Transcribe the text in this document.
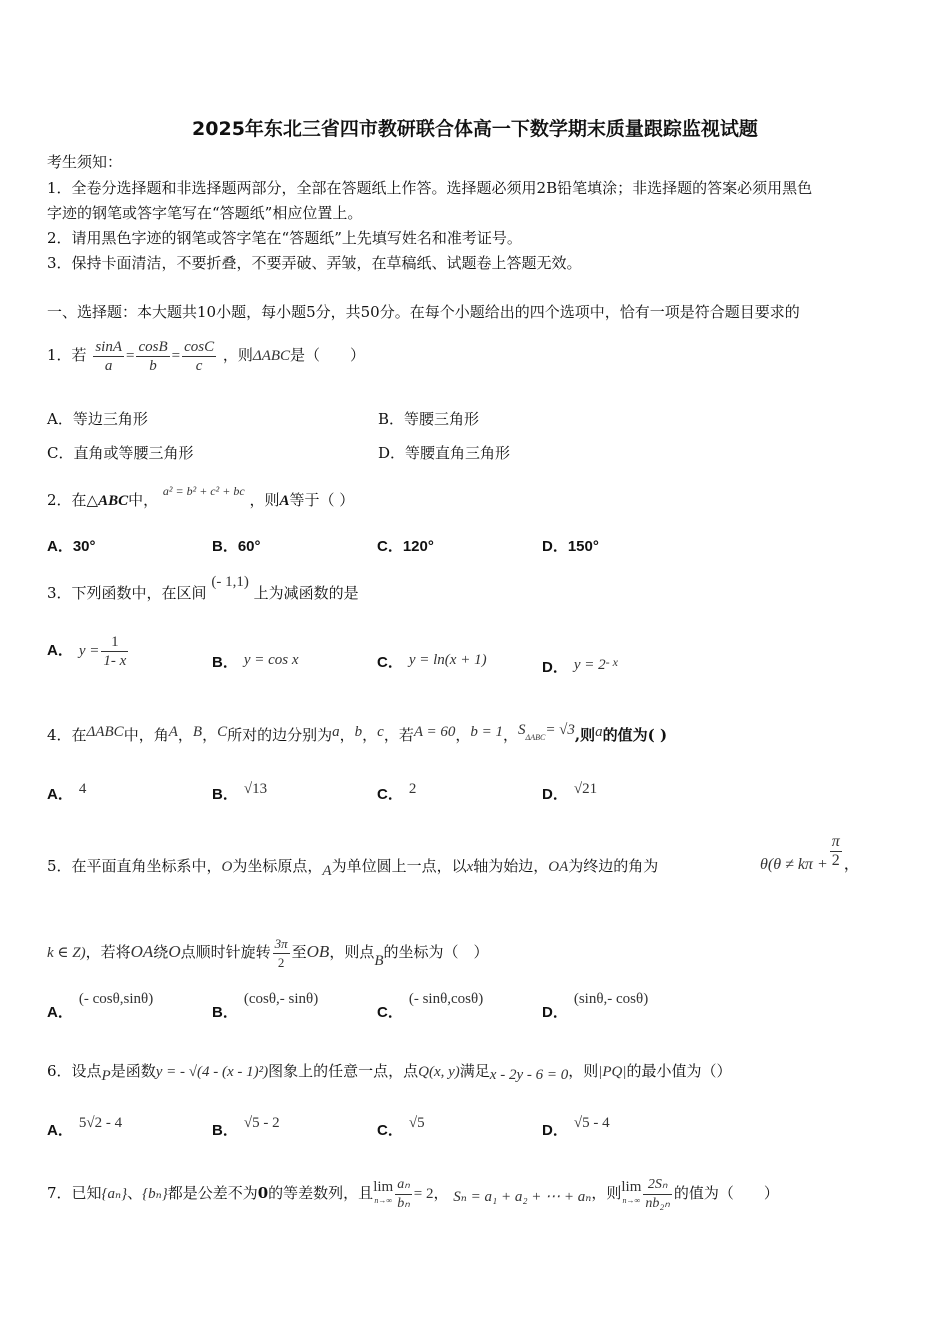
2025年东北三省四市教研联合体高一下数学期末质量跟踪监视试题
考生须知：
1．全卷分选择题和非选择题两部分，全部在答题纸上作答。选择题必须用2B铅笔填涂；非选择题的答案必须用黑色
字迹的钢笔或答字笔写在“答题纸”相应位置上。
2．请用黑色字迹的钢笔或答字笔在“答题纸”上先填写姓名和准考证号。
3．保持卡面清洁，不要折叠，不要弄破、弄皱，在草稿纸、试题卷上答题无效。
一、选择题：本大题共10小题，每小题5分，共50分。在每个小题给出的四个选项中，恰有一项是符合题目要求的
1．若 $\frac{\sin A}{a} = \frac{\cos B}{b} = \frac{\cos C}{c}$ ，则ΔABC是（　　）
A．等边三角形	B．等腰三角形
C．直角或等腰三角形	D．等腰直角三角形
2．在△ABC中， $^{a^2 = b^2 + c^2 + bc}$ ，则A等于（ ）
A．30°	B．60°	C．120°	D．150°
3．下列函数中，在区间 (- 1,1) 上为减函数的是
A． $y = \frac{1}{1- x}$	B． y = cos x	C． y = ln(x + 1)	D． $y = 2^{- x}$
4．在ΔABC中，角A，B，C所对的边分别为a，b，c，若A = 60，b = 1，$S_{\Delta ABC}= √3$,则a的值为( )
A． 4	B． √13	C． 2	D． √21
5．在平面直角坐标系中，O为坐标原点，A为单位圆上一点，以x轴为始边，OA为终边的角为	$\theta(\theta \ne k\pi + \frac{\pi}{2}$ ，
k ∈ Z)，若将OA绕O点顺时针旋转 $\frac{3\pi}{2}$ 至OB，则点B的坐标为（　）
A．(- cosθ,sinθ)
B．(cosθ,- sinθ)
C．(- sinθ,cosθ)
D．(sinθ,- cosθ)
6．设点P是函数y = - √(4 - (x - 1)²)图象上的任意一点，点Q(x, y)满足x - 2y - 6 = 0，则|PQ|的最小值为（）
A． 5√2 - 4	B． √5 - 2	C． √5	D． √5 - 4
7．已知{aₙ}、{bₙ}都是公差不为0的等差数列，且 lim
$n\to\infty \frac{\text{aₙ}}{\text{bₙ}} = 2$， Sₙ = a₁ + a₂ + ⋯ + aₙ，则 lim
$n\to\infty \frac{\text{2Sₙ}}{\text{nb₂ₙ}}$ 的值为（　　）
